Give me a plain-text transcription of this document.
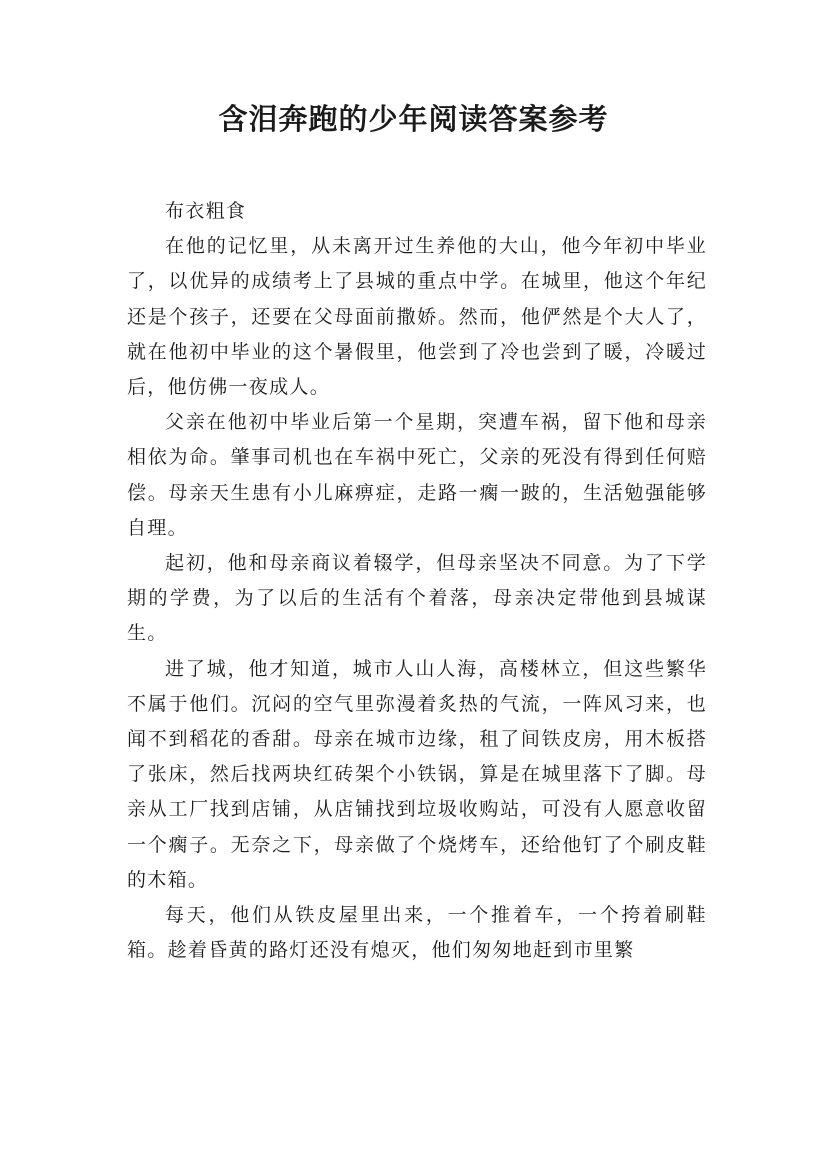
含泪奔跑的少年阅读答案参考

布衣粗食

在他的记忆里，从未离开过生养他的大山，他今年初中毕业了，以优异的成绩考上了县城的重点中学。在城里，他这个年纪还是个孩子，还要在父母面前撒娇。然而，他俨然是个大人了，就在他初中毕业的这个暑假里，他尝到了冷也尝到了暖，冷暖过后，他仿佛一夜成人。

父亲在他初中毕业后第一个星期，突遭车祸，留下他和母亲相依为命。肇事司机也在车祸中死亡，父亲的死没有得到任何赔偿。母亲天生患有小儿麻痹症，走路一瘸一跛的，生活勉强能够自理。

起初，他和母亲商议着辍学，但母亲坚决不同意。为了下学期的学费，为了以后的生活有个着落，母亲决定带他到县城谋生。

进了城，他才知道，城市人山人海，高楼林立，但这些繁华不属于他们。沉闷的空气里弥漫着炙热的气流，一阵风习来，也闻不到稻花的香甜。母亲在城市边缘，租了间铁皮房，用木板搭了张床，然后找两块红砖架个小铁锅，算是在城里落下了脚。母亲从工厂找到店铺，从店铺找到垃圾收购站，可没有人愿意收留一个瘸子。无奈之下，母亲做了个烧烤车，还给他钉了个刷皮鞋的木箱。

每天，他们从铁皮屋里出来，一个推着车，一个挎着刷鞋箱。趁着昏黄的路灯还没有熄灭，他们匆匆地赶到市里繁
